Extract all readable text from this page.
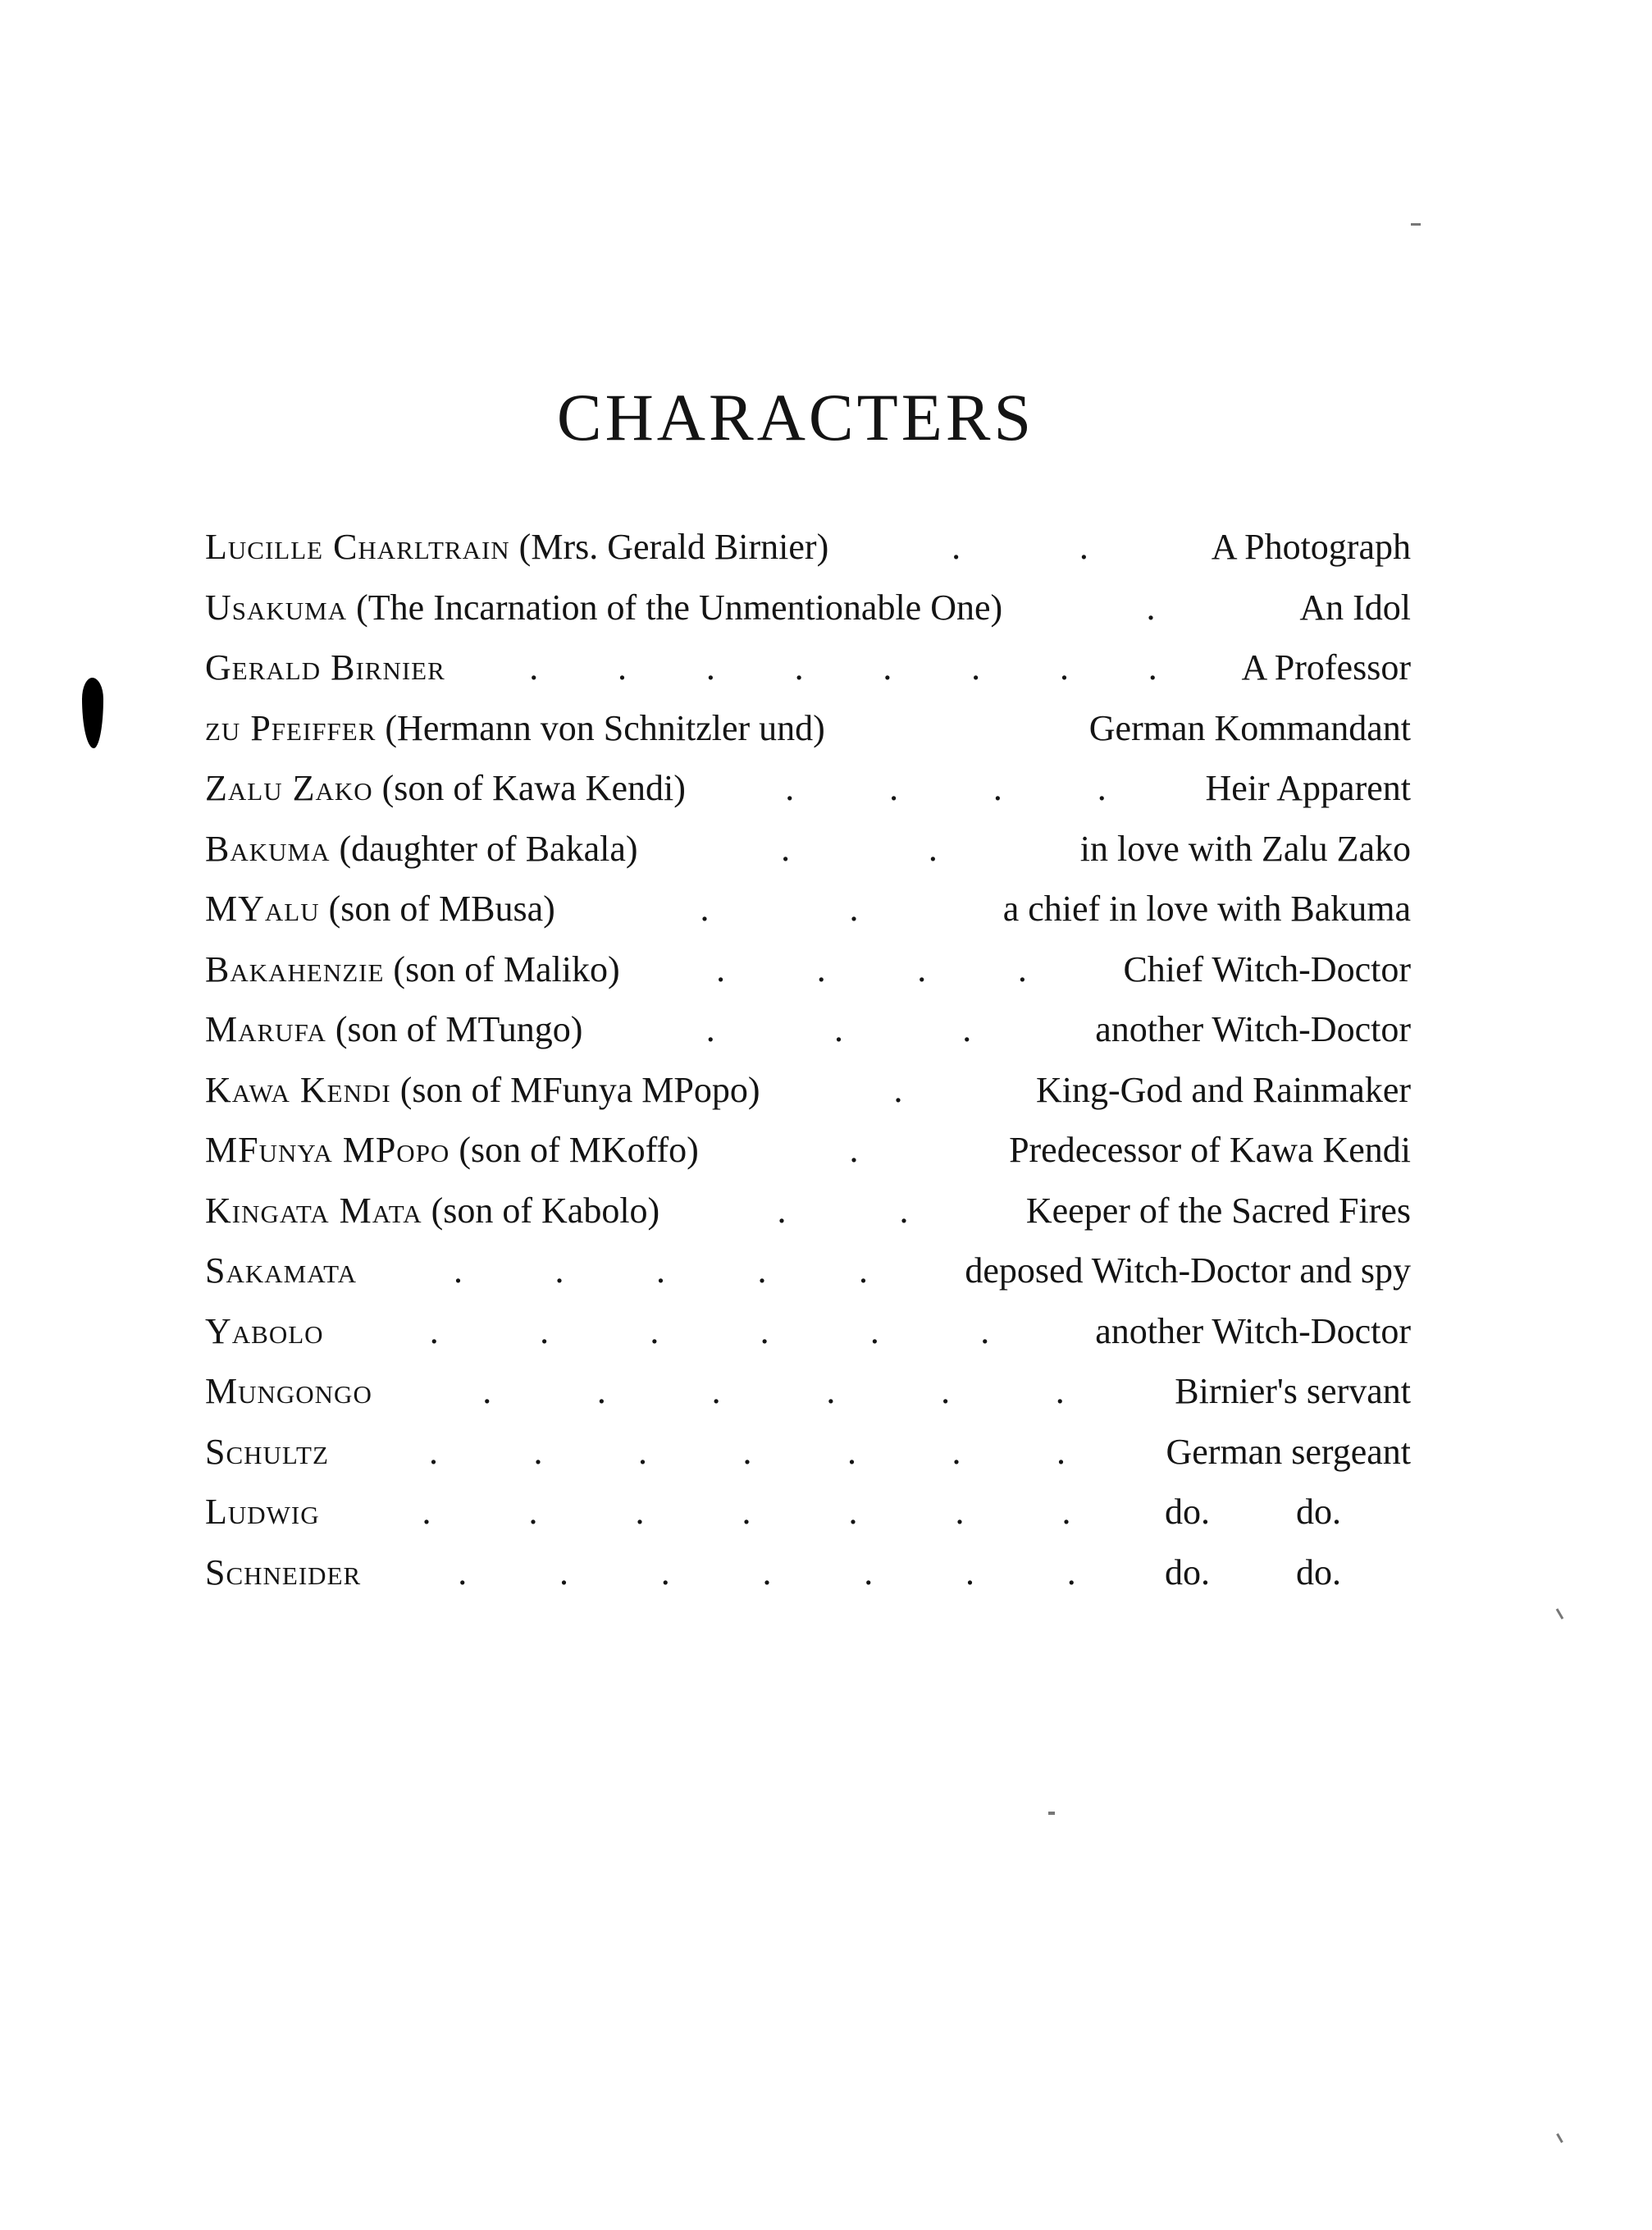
CHARACTERS
Lucille Charltrain (Mrs. Gerald Birnier)	A Photograph
.	.
Usakuma (The Incarnation of the Unmentionable One)	An Idol
.
Gerald Birnier	A Professor
. . . . . . . .
zu Pfeiffer (Hermann von Schnitzler und)	German Kommandant
Zalu Zako (son of Kawa Kendi)	Heir Apparent
.	.	.	.
Bakuma (daughter of Bakala)	in love with Zalu Zako
.	.
MYalu (son of MBusa)	a chief in love with Bakuma
.	.
Bakahenzie (son of Maliko)	Chief Witch-Doctor
.	.	.	.
Marufa (son of MTungo)	another Witch-Doctor
.	.	.
Kawa Kendi (son of MFunya MPopo)	King-God and Rainmaker
.
MFunya MPopo (son of MKoffo)	Predecessor of Kawa Kendi
.
Kingata Mata (son of Kabolo)	Keeper of the Sacred Fires
.	.
Sakamata	deposed Witch-Doctor and spy
.	.	.	.	.
Yabolo	another Witch-Doctor
.	.	.	.	.	.
Mungongo	Birnier's servant
.	.	.	.	.	.
Schultz	German sergeant
.	.	.	.	.	.	.
Ludwig	do. do.
.	.	.	.	.	.	.
Schneider	do. do.
.	.	.	.	.	.	.
